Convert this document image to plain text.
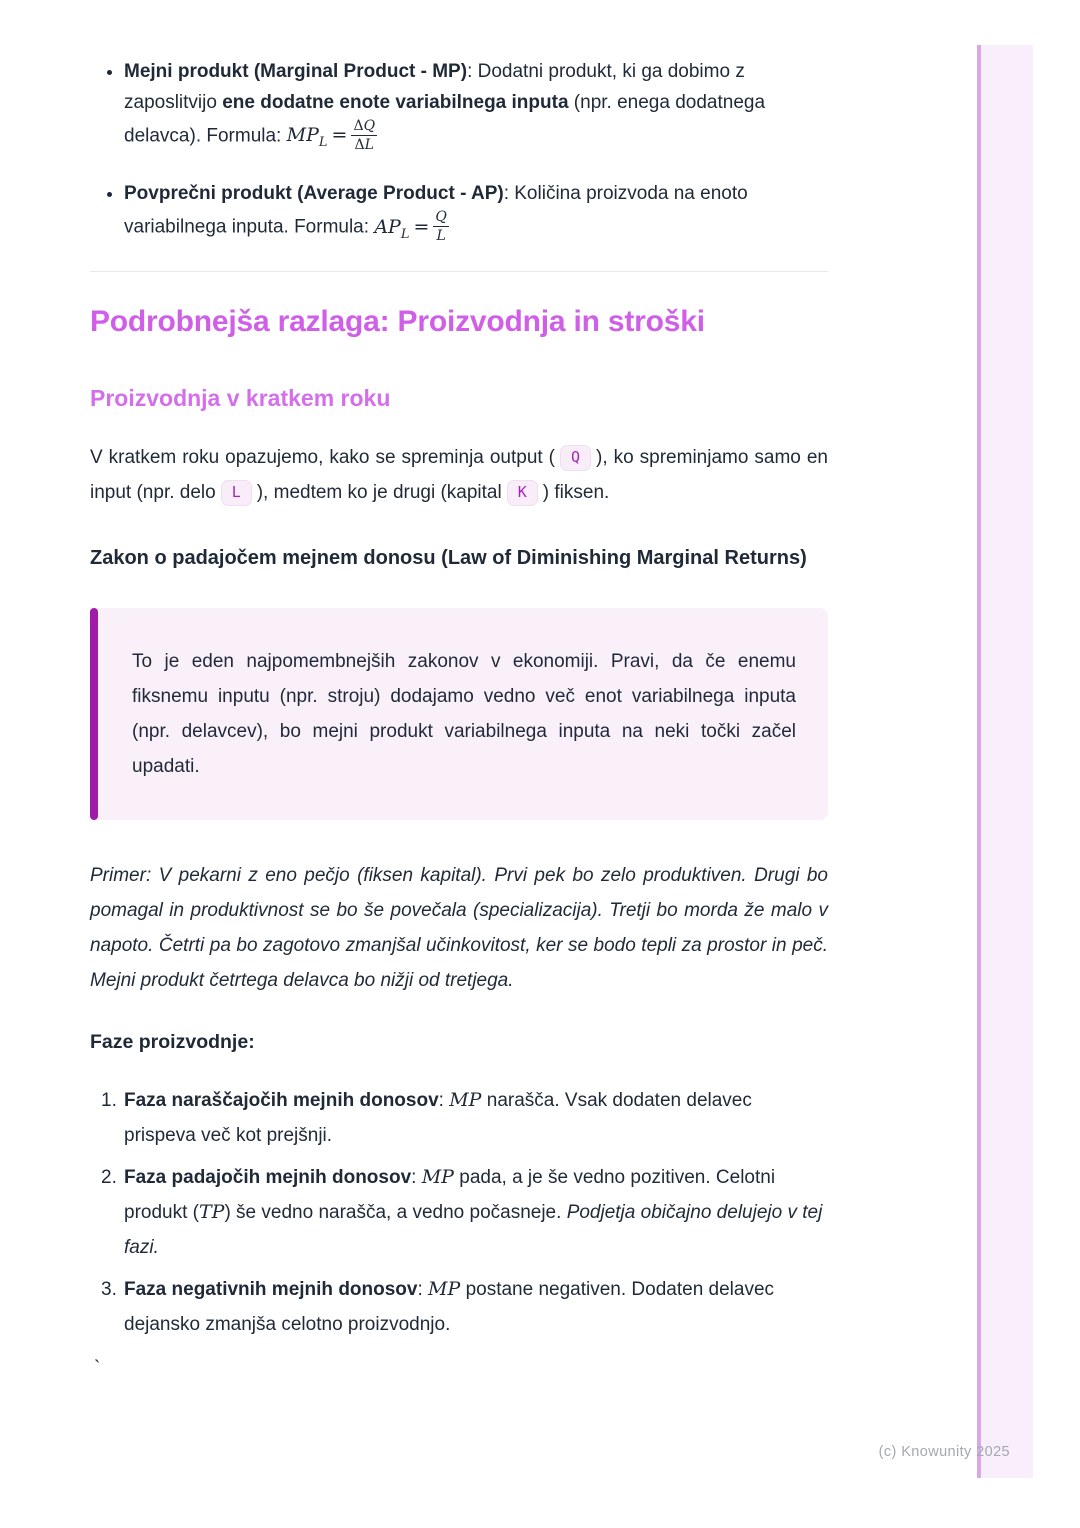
• Mejni produkt (Marginal Product - MP): Dodatni produkt, ki ga dobimo z zaposlitvijo ene dodatne enote variabilnega inputa (npr. enega dodatnega delavca). Formula: $MP_L = \frac{\Delta Q}{\Delta L}$
• Povprečni produkt (Average Product - AP): Količina proizvoda na enoto variabilnega inputa. Formula: $AP_L = \frac{Q}{L}$
Podrobnejša razlaga: Proizvodnja in stroški
Proizvodnja v kratkem roku

V kratkem roku opazujemo, kako se spreminja output ( Q ), ko spreminjamo samo en input (npr. delo L ), medtem ko je drugi (kapital K ) fiksen.

Zakon o padajočem mejnem donosu (Law of Diminishing Marginal Returns)

To je eden najpomembnejših zakonov v ekonomiji. Pravi, da če enemu fiksnemu inputu (npr. stroju) dodajamo vedno več enot variabilnega inputa (npr. delavcev), bo mejni produkt variabilnega inputa na neki točki začel upadati.

Primer: V pekarni z eno pečjo (fiksen kapital). Prvi pek bo zelo produktiven. Drugi bo pomagal in produktivnost se bo še povečala (specializacija). Tretji bo morda že malo v napoto. Četrti pa bo zagotovo zmanjšal učinkovitost, ker se bodo tepli za prostor in peč. Mejni produkt četrtega delavca bo nižji od tretjega.

Faze proizvodnje:

1. Faza naraščajočih mejnih donosov: MP narašča. Vsak dodaten delavec prispeva več kot prejšnji.
2. Faza padajočih mejnih donosov: MP pada, a je še vedno pozitiven. Celotni produkt (TP) še vedno narašča, a vedno počasneje. Podjetja običajno delujejo v tej fazi.
3. Faza negativnih mejnih donosov: MP postane negativen. Dodaten delavec dejansko zmanjša celotno proizvodnjo.
`
(c) Knowunity 2025
